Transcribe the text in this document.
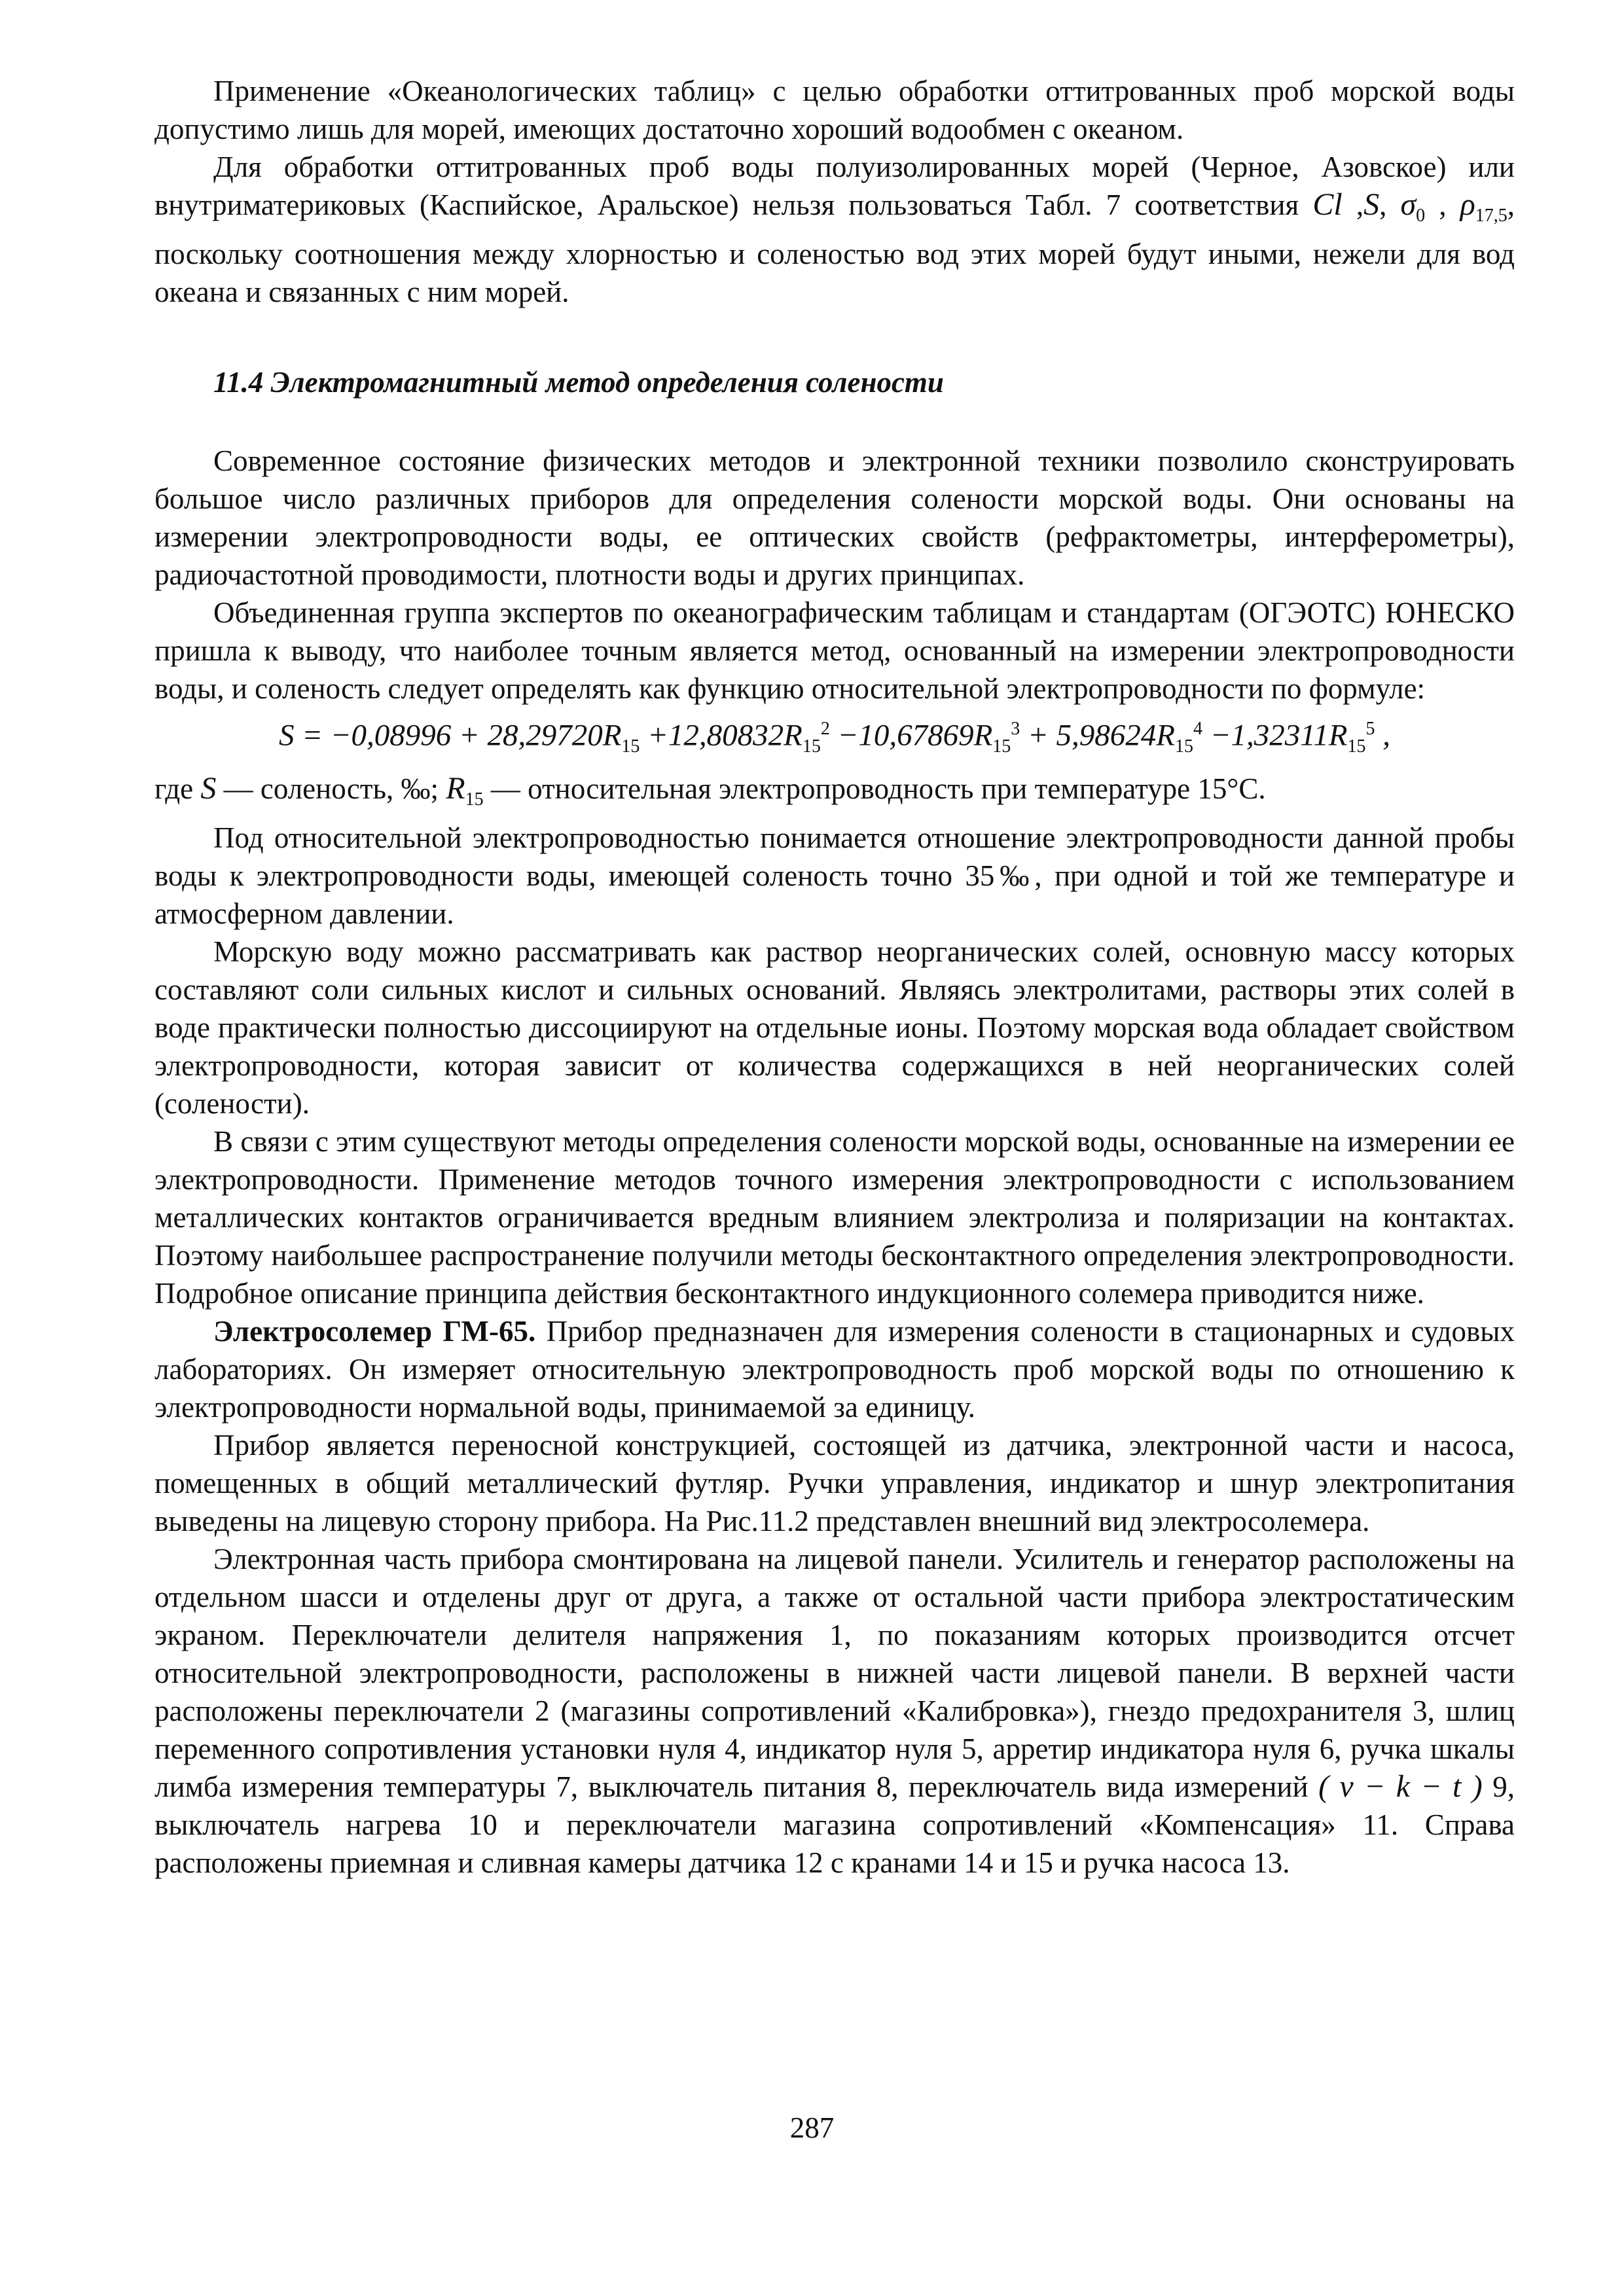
Применение «Океанологических таблиц» с целью обработки оттитрованных проб морской воды допустимо лишь для морей, имеющих достаточно хороший водообмен с океаном.

Для обработки оттитрованных проб воды полуизолированных морей (Черное, Азовское) или внутриматериковых (Каспийское, Аральское) нельзя пользоваться Табл. 7 соответствия Cl ,S, $\sigma_0$ , $\rho_{17,5}$, поскольку соотношения между хлорностью и соленостью вод этих морей будут иными, нежели для вод океана и связанных с ним морей.

11.4 Электромагнитный метод определения солености

Современное состояние физических методов и электронной техники позволило сконструировать большое число различных приборов для определения солености морской воды. Они основаны на измерении электропроводности воды, ее оптических свойств (рефрактометры, интерферометры), радиочастотной проводимости, плотности воды и других принципах.

Объединенная группа экспертов по океанографическим таблицам и стандартам (ОГЭОТС) ЮНЕСКО пришла к выводу, что наиболее точным является метод, основанный на измерении электропроводности воды, и соленость следует определять как функцию относительной электропроводности по формуле:

$S = -0,08996 + 28,29720R_{15} +12,80832R_{15}^2 -10,67869R_{15}^3 + 5,98624R_{15}^4 -1,32311R_{15}^5$ ,

где S — соленость, ‰; $R_{15}$ — относительная электропроводность при температуре 15°С.

Под относительной электропроводностью понимается отношение электропроводности данной пробы воды к электропроводности воды, имеющей соленость точно 35‰, при одной и той же температуре и атмосферном давлении.

Морскую воду можно рассматривать как раствор неорганических солей, основную массу которых составляют соли сильных кислот и сильных оснований. Являясь электролитами, растворы этих солей в воде практически полностью диссоциируют на отдельные ионы. Поэтому морская вода обладает свойством электропроводности, которая зависит от количества содержащихся в ней неорганических солей (солености).

В связи с этим существуют методы определения солености морской воды, основанные на измерении ее электропроводности. Применение методов точного измерения электропроводности с использованием металлических контактов ограничивается вредным влиянием электролиза и поляризации на контактах. Поэтому наибольшее распространение получили методы бесконтактного определения электропроводности. Подробное описание принципа действия бесконтактного индукционного солемера приводится ниже.

Электросолемер ГМ-65. Прибор предназначен для измерения солености в стационарных и судовых лабораториях. Он измеряет относительную электропроводность проб морской воды по отношению к электропроводности нормальной воды, принимаемой за единицу.

Прибор является переносной конструкцией, состоящей из датчика, электронной части и насоса, помещенных в общий металлический футляр. Ручки управления, индикатор и шнур электропитания выведены на лицевую сторону прибора. На Рис.11.2 представлен внешний вид электросолемера.

Электронная часть прибора смонтирована на лицевой панели. Усилитель и генератор расположены на отдельном шасси и отделены друг от друга, а также от остальной части прибора электростатическим экраном. Переключатели делителя напряжения 1, по показаниям которых производится отсчет относительной электропроводности, расположены в нижней части лицевой панели. В верхней части расположены переключатели 2 (магазины сопротивлений «Калибровка»), гнездо предохранителя 3, шлиц переменного сопротивления установки нуля 4, индикатор нуля 5, арретир индикатора нуля 6, ручка шкалы лимба измерения температуры 7, выключатель питания 8, переключатель вида измерений ( v − k − t ) 9, выключатель нагрева 10 и переключатели магазина сопротивлений «Компенсация» 11. Справа расположены приемная и сливная камеры датчика 12 с кранами 14 и 15 и ручка насоса 13.

287
